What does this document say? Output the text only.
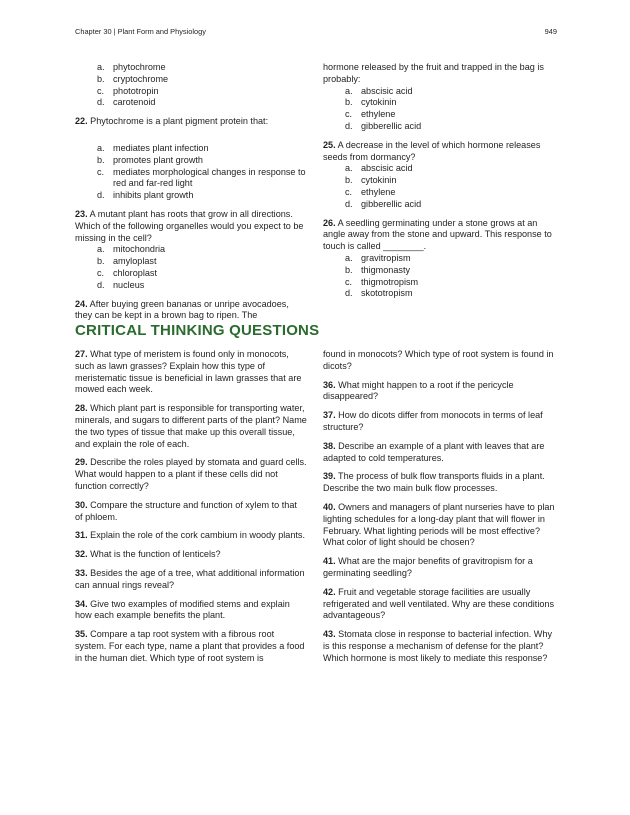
Chapter 30 | Plant Form and Physiology	949
a. phytochrome
b. cryptochrome
c. phototropin
d. carotenoid

22. Phytochrome is a plant pigment protein that:

a. mediates plant infection
b. promotes plant growth
c. mediates morphological changes in response to red and far-red light
d. inhibits plant growth

23. A mutant plant has roots that grow in all directions. Which of the following organelles would you expect to be missing in the cell?

a. mitochondria
b. amyloplast
c. chloroplast
d. nucleus

24. After buying green bananas or unripe avocadoes, they can be kept in a brown bag to ripen. The

hormone released by the fruit and trapped in the bag is probably:

a. abscisic acid
b. cytokinin
c. ethylene
d. gibberellic acid

25. A decrease in the level of which hormone releases seeds from dormancy?

a. abscisic acid
b. cytokinin
c. ethylene
d. gibberellic acid

26. A seedling germinating under a stone grows at an angle away from the stone and upward. This response to touch is called ________.

a. gravitropism
b. thigmonasty
c. thigmotropism
d. skototropism
CRITICAL THINKING QUESTIONS

27. What type of meristem is found only in monocots, such as lawn grasses? Explain how this type of meristematic tissue is beneficial in lawn grasses that are mowed each week.

28. Which plant part is responsible for transporting water, minerals, and sugars to different parts of the plant? Name the two types of tissue that make up this overall tissue, and explain the role of each.

29. Describe the roles played by stomata and guard cells. What would happen to a plant if these cells did not function correctly?

30. Compare the structure and function of xylem to that of phloem.

31. Explain the role of the cork cambium in woody plants.

32. What is the function of lenticels?

33. Besides the age of a tree, what additional information can annual rings reveal?

34. Give two examples of modified stems and explain how each example benefits the plant.

35. Compare a tap root system with a fibrous root system. For each type, name a plant that provides a food in the human diet. Which type of root system is

found in monocots? Which type of root system is found in dicots?

36. What might happen to a root if the pericycle disappeared?

37. How do dicots differ from monocots in terms of leaf structure?

38. Describe an example of a plant with leaves that are adapted to cold temperatures.

39. The process of bulk flow transports fluids in a plant. Describe the two main bulk flow processes.

40. Owners and managers of plant nurseries have to plan lighting schedules for a long-day plant that will flower in February. What lighting periods will be most effective? What color of light should be chosen?

41. What are the major benefits of gravitropism for a germinating seedling?

42. Fruit and vegetable storage facilities are usually refrigerated and well ventilated. Why are these conditions advantageous?

43. Stomata close in response to bacterial infection. Why is this response a mechanism of defense for the plant? Which hormone is most likely to mediate this response?
